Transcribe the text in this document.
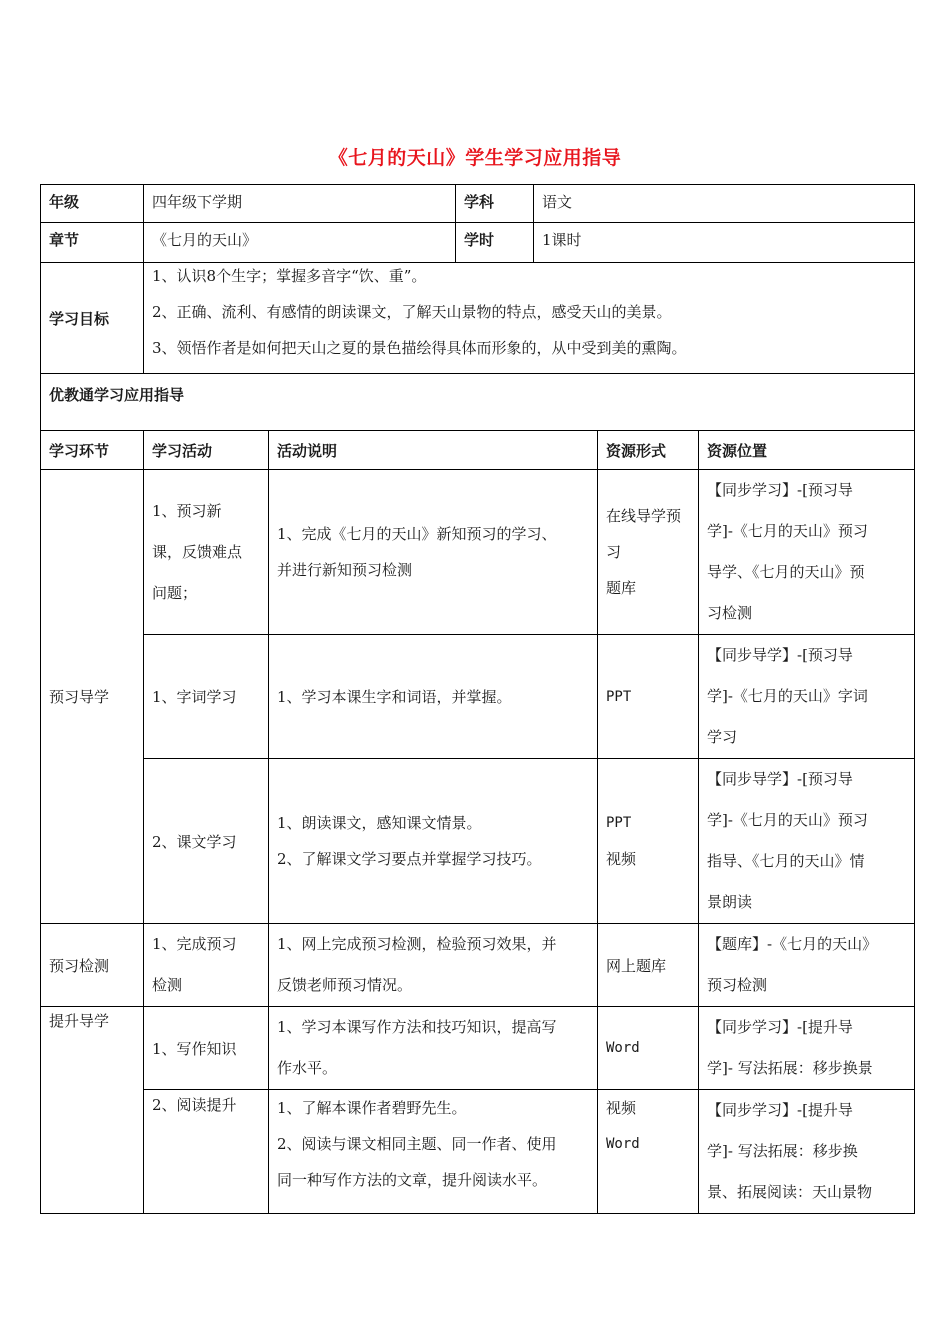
《七月的天山》学生学习应用指导
年级	四年级下学期	学科	语文
章节	《七月的天山》	学时	1课时
学习目标	1、认识8个生字；掌握多音字“饮、重”。
2、正确、流利、有感情的朗读课文，了解天山景物的特点，感受天山的美景。
3、领悟作者是如何把天山之夏的景色描绘得具体而形象的，从中受到美的熏陶。		

优教通学习应用指导			
学习环节	学习活动	活动说明	资源形式	资源位置
预习导学	1、预习新
课，反馈难点
问题；	1、完成《七月的天山》新知预习的学习、
并进行新知预习检测	在线导学预
习
题库	【同步学习】-[预习导
学]-《七月的天山》预习
导学、《七月的天山》预
习检测

	1、字词学习	1、学习本课生字和词语，并掌握。	PPT	【同步导学】-[预习导
学]-《七月的天山》字词
学习

	2、课文学习	1、朗读课文，感知课文情景。
2、了解课文学习要点并掌握学习技巧。	PPT
视频	【同步导学】-[预习导
学]-《七月的天山》预习
指导、《七月的天山》情
景朗读

预习检测	1、完成预习
检测	1、网上完成预习检测，检验预习效果，并
反馈老师预习情况。	网上题库	【题库】-《七月的天山》
预习检测

提升导学	1、写作知识	1、学习本课写作方法和技巧知识，提高写
作水平。	Word	【同步学习】-[提升导
学]- 写法拓展：移步换景

	2、阅读提升	1、了解本课作者碧野先生。
2、阅读与课文相同主题、同一作者、使用
同一种写作方法的文章，提升阅读水平。	视频
Word	【同步学习】-[提升导
学]- 写法拓展：移步换
景、拓展阅读：天山景物
